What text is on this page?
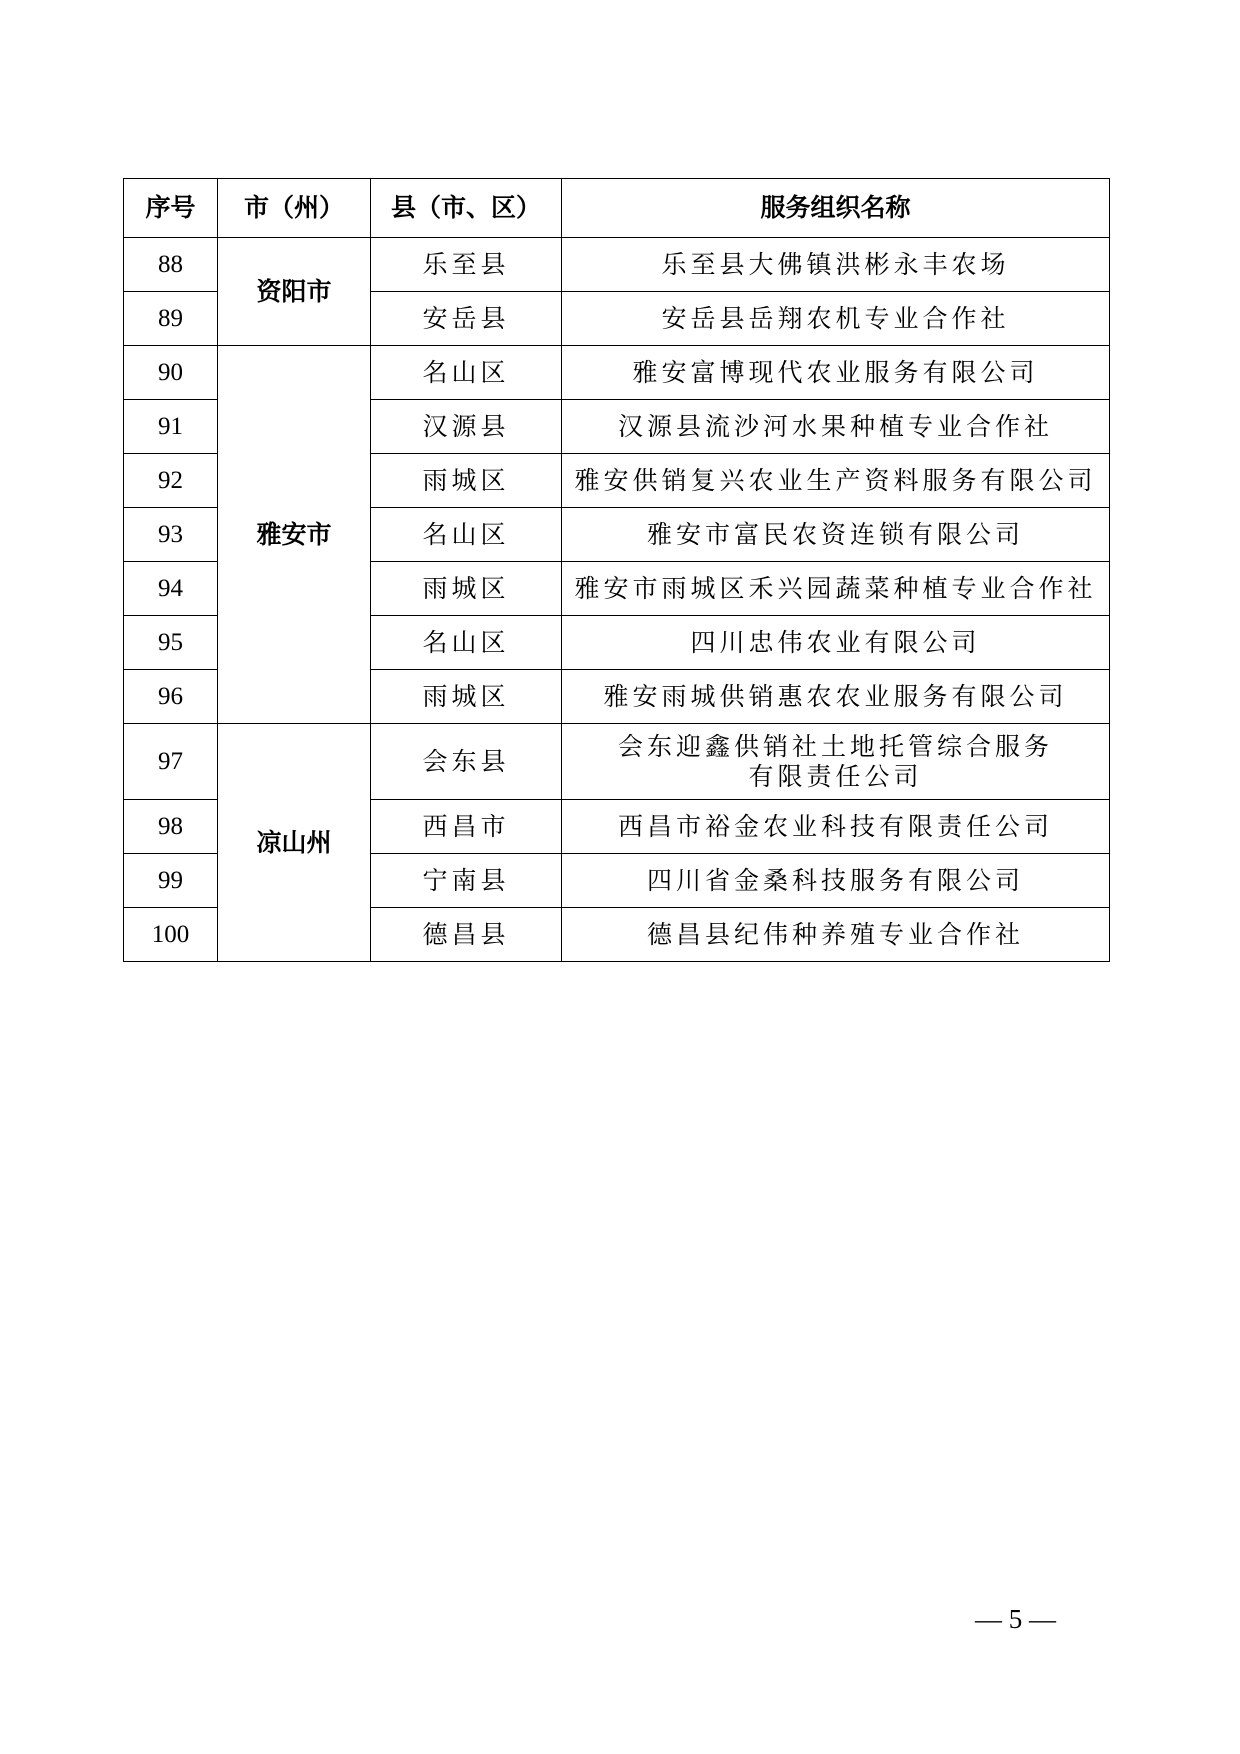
序号	市（州）	县（市、区）	服务组织名称
88	资阳市	乐至县	乐至县大佛镇洪彬永丰农场
89		安岳县	安岳县岳翔农机专业合作社
90	雅安市	名山区	雅安富博现代农业服务有限公司
91		汉源县	汉源县流沙河水果种植专业合作社
92		雨城区	雅安供销复兴农业生产资料服务有限公司
93		名山区	雅安市富民农资连锁有限公司
94		雨城区	雅安市雨城区禾兴园蔬菜种植专业合作社
95		名山区	四川忠伟农业有限公司
96		雨城区	雅安雨城供销惠农农业服务有限公司
97	凉山州	会东县	会东迎鑫供销社土地托管综合服务
有限责任公司

98		西昌市	西昌市裕金农业科技有限责任公司
99		宁南县	四川省金桑科技服务有限公司
100		德昌县	德昌县纪伟种养殖专业合作社
— 5 —
